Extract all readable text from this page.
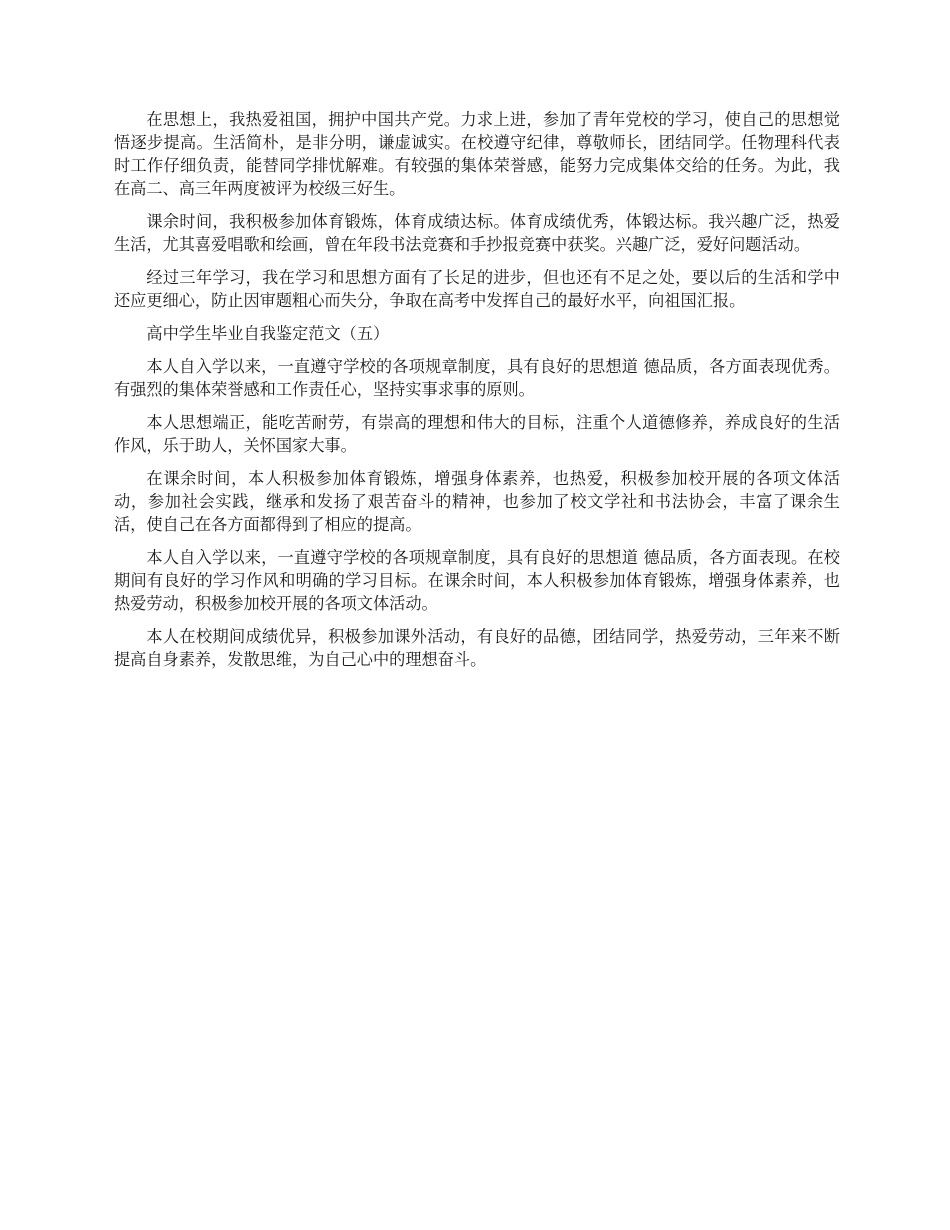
在思想上，我热爱祖国，拥护中国共产党。力求上进，参加了青年党校的学习，使自己的思想觉悟逐步提高。生活简朴，是非分明，谦虚诚实。在校遵守纪律，尊敬师长，团结同学。任物理科代表时工作仔细负责，能替同学排忧解难。有较强的集体荣誉感，能努力完成集体交给的任务。为此，我在高二、高三年两度被评为校级三好生。

课余时间，我积极参加体育锻炼，体育成绩达标。体育成绩优秀，体锻达标。我兴趣广泛，热爱生活，尤其喜爱唱歌和绘画，曾在年段书法竞赛和手抄报竞赛中获奖。兴趣广泛，爱好问题活动。

经过三年学习，我在学习和思想方面有了长足的进步，但也还有不足之处，要以后的生活和学中还应更细心，防止因审题粗心而失分，争取在高考中发挥自己的最好水平，向祖国汇报。

高中学生毕业自我鉴定范文（五）

本人自入学以来，一直遵守学校的各项规章制度，具有良好的思想道 德品质，各方面表现优秀。有强烈的集体荣誉感和工作责任心，坚持实事求事的原则。

本人思想端正，能吃苦耐劳，有崇高的理想和伟大的目标，注重个人道德修养，养成良好的生活作风，乐于助人，关怀国家大事。

在课余时间，本人积极参加体育锻炼，增强身体素养，也热爱，积极参加校开展的各项文体活动，参加社会实践，继承和发扬了艰苦奋斗的精神，也参加了校文学社和书法协会，丰富了课余生活，使自己在各方面都得到了相应的提高。

本人自入学以来，一直遵守学校的各项规章制度，具有良好的思想道 德品质，各方面表现。在校期间有良好的学习作风和明确的学习目标。在课余时间，本人积极参加体育锻炼，增强身体素养，也热爱劳动，积极参加校开展的各项文体活动。

本人在校期间成绩优异，积极参加课外活动，有良好的品德，团结同学，热爱劳动，三年来不断提高自身素养，发散思维，为自己心中的理想奋斗。
